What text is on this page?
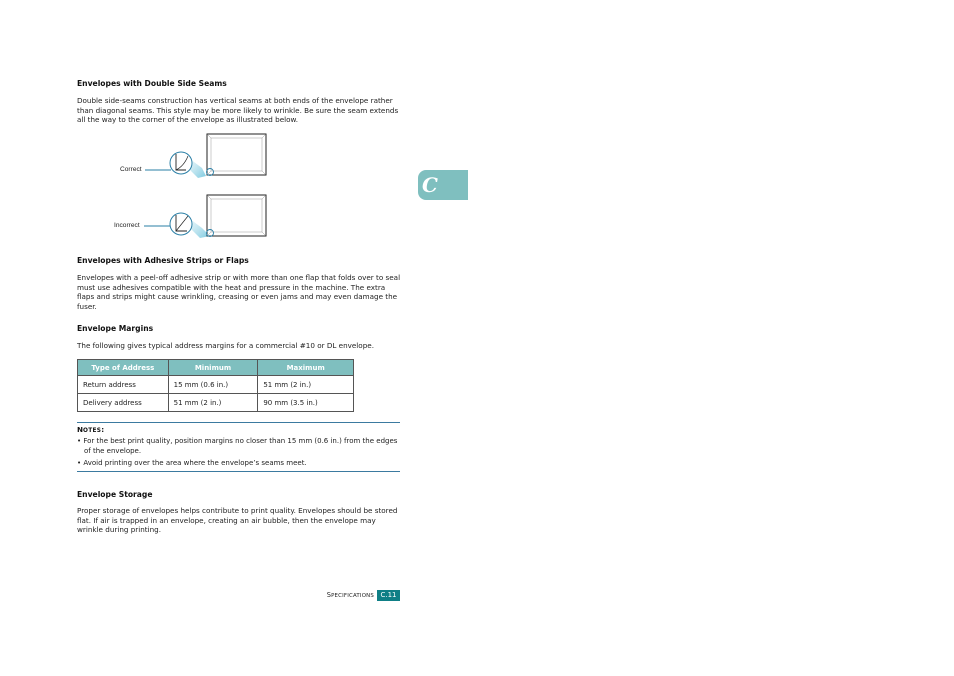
Envelopes with Double Side Seams

Double side-seams construction has vertical seams at both ends of the envelope rather than diagonal seams. This style may be more likely to wrinkle. Be sure the seam extends all the way to the corner of the envelope as illustrated below.

Correct
Incorrect
C

Envelopes with Adhesive Strips or Flaps

Envelopes with a peel-off adhesive strip or with more than one flap that folds over to seal must use adhesives compatible with the heat and pressure in the machine. The extra flaps and strips might cause wrinkling, creasing or even jams and may even damage the fuser.

Envelope Margins

The following gives typical address margins for a commercial #10 or DL envelope.

Type of Address	Minimum	Maximum
Return address	15 mm (0.6 in.)	51 mm (2 in.)
Delivery address	51 mm (2 in.)	90 mm (3.5 in.)

NOTES:

• For the best print quality, position margins no closer than 15 mm (0.6 in.) from the edges of the envelope.

• Avoid printing over the area where the envelope’s seams meet.

Envelope Storage

Proper storage of envelopes helps contribute to print quality. Envelopes should be stored flat. If air is trapped in an envelope, creating an air bubble, then the envelope may wrinkle during printing.

SPECIFICATIONS C.11
